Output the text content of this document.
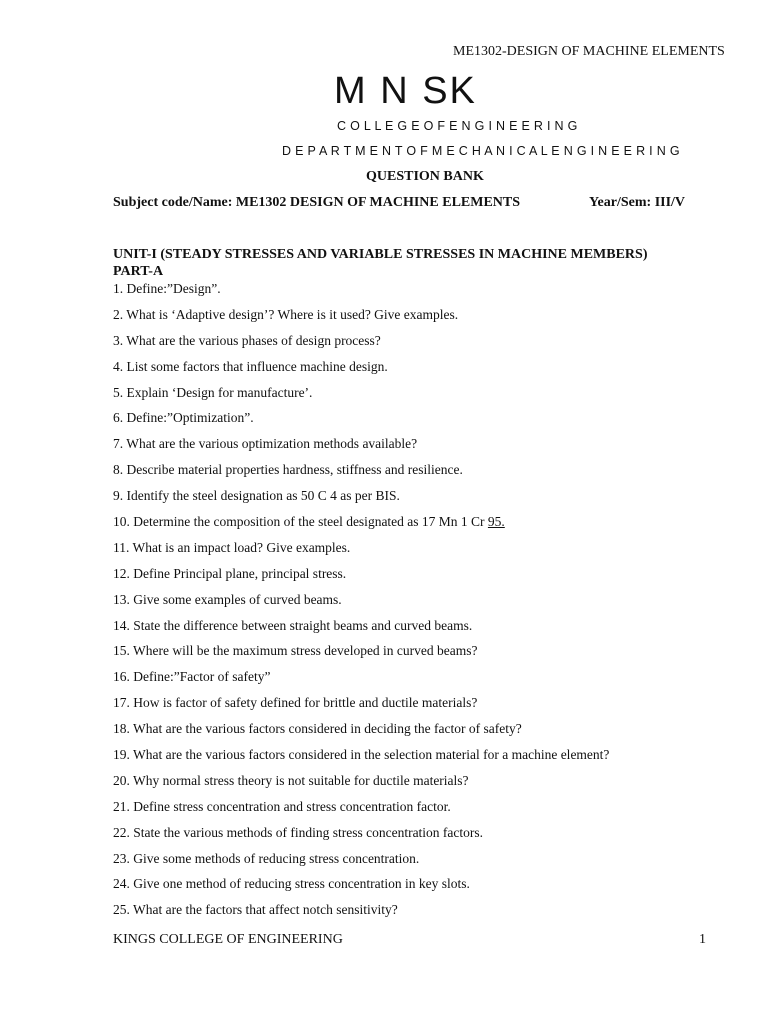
ME1302-DESIGN OF MACHINE ELEMENTS
M N SK
C O L L E G E O F E N G I N E E R I N G
D E P A R T M E N T O F M E C H A N I C A L E N G I N E E R I N G
QUESTION BANK
Subject code/Name: ME1302 DESIGN OF MACHINE ELEMENTS	Year/Sem: III/V
UNIT-I (STEADY STRESSES AND VARIABLE STRESSES IN MACHINE MEMBERS)
PART-A
1. Define:”Design”.
2. What is ‘Adaptive design’? Where is it used? Give examples.
3. What are the various phases of design process?
4. List some factors that influence machine design.
5. Explain ‘Design for manufacture’.
6. Define:”Optimization”.
7. What are the various optimization methods available?
8. Describe material properties hardness, stiffness and resilience.
9. Identify the steel designation as 50 C 4 as per BIS.
10. Determine the composition of the steel designated as 17 Mn 1 Cr 95.
11. What is an impact load? Give examples.
12. Define Principal plane, principal stress.
13. Give some examples of curved beams.
14. State the difference between straight beams and curved beams.
15. Where will be the maximum stress developed in curved beams?
16. Define:”Factor of safety”
17. How is factor of safety defined for brittle and ductile materials?
18. What are the various factors considered in deciding the factor of safety?
19. What are the various factors considered in the selection material for a machine element?
20. Why normal stress theory is not suitable for ductile materials?
21. Define stress concentration and stress concentration factor.
22. State the various methods of finding stress concentration factors.
23. Give some methods of reducing stress concentration.
24. Give one method of reducing stress concentration in key slots.
25. What are the factors that affect notch sensitivity?
KINGS COLLEGE OF ENGINEERING	1
